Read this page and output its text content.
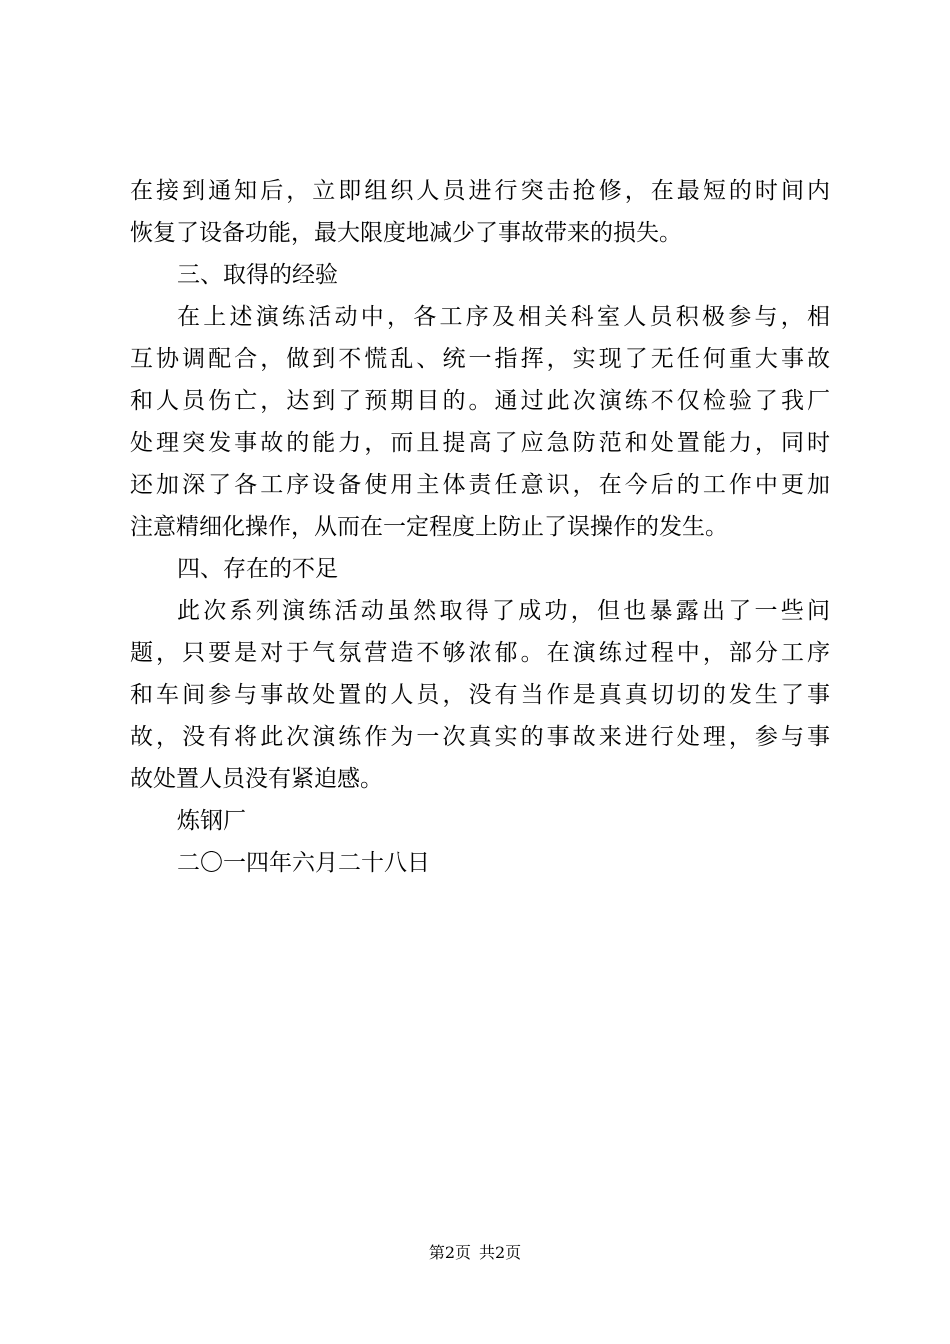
在接到通知后，立即组织人员进行突击抢修，在最短的时间内
恢复了设备功能，最大限度地减少了事故带来的损失。
三、取得的经验
在上述演练活动中，各工序及相关科室人员积极参与，相
互协调配合，做到不慌乱、统一指挥，实现了无任何重大事故
和人员伤亡，达到了预期目的。通过此次演练不仅检验了我厂
处理突发事故的能力，而且提高了应急防范和处置能力，同时
还加深了各工序设备使用主体责任意识，在今后的工作中更加
注意精细化操作，从而在一定程度上防止了误操作的发生。
四、存在的不足
此次系列演练活动虽然取得了成功，但也暴露出了一些问
题，只要是对于气氛营造不够浓郁。在演练过程中，部分工序
和车间参与事故处置的人员，没有当作是真真切切的发生了事
故，没有将此次演练作为一次真实的事故来进行处理，参与事
故处置人员没有紧迫感。
炼钢厂
二〇一四年六月二十八日
第2页 共2页
